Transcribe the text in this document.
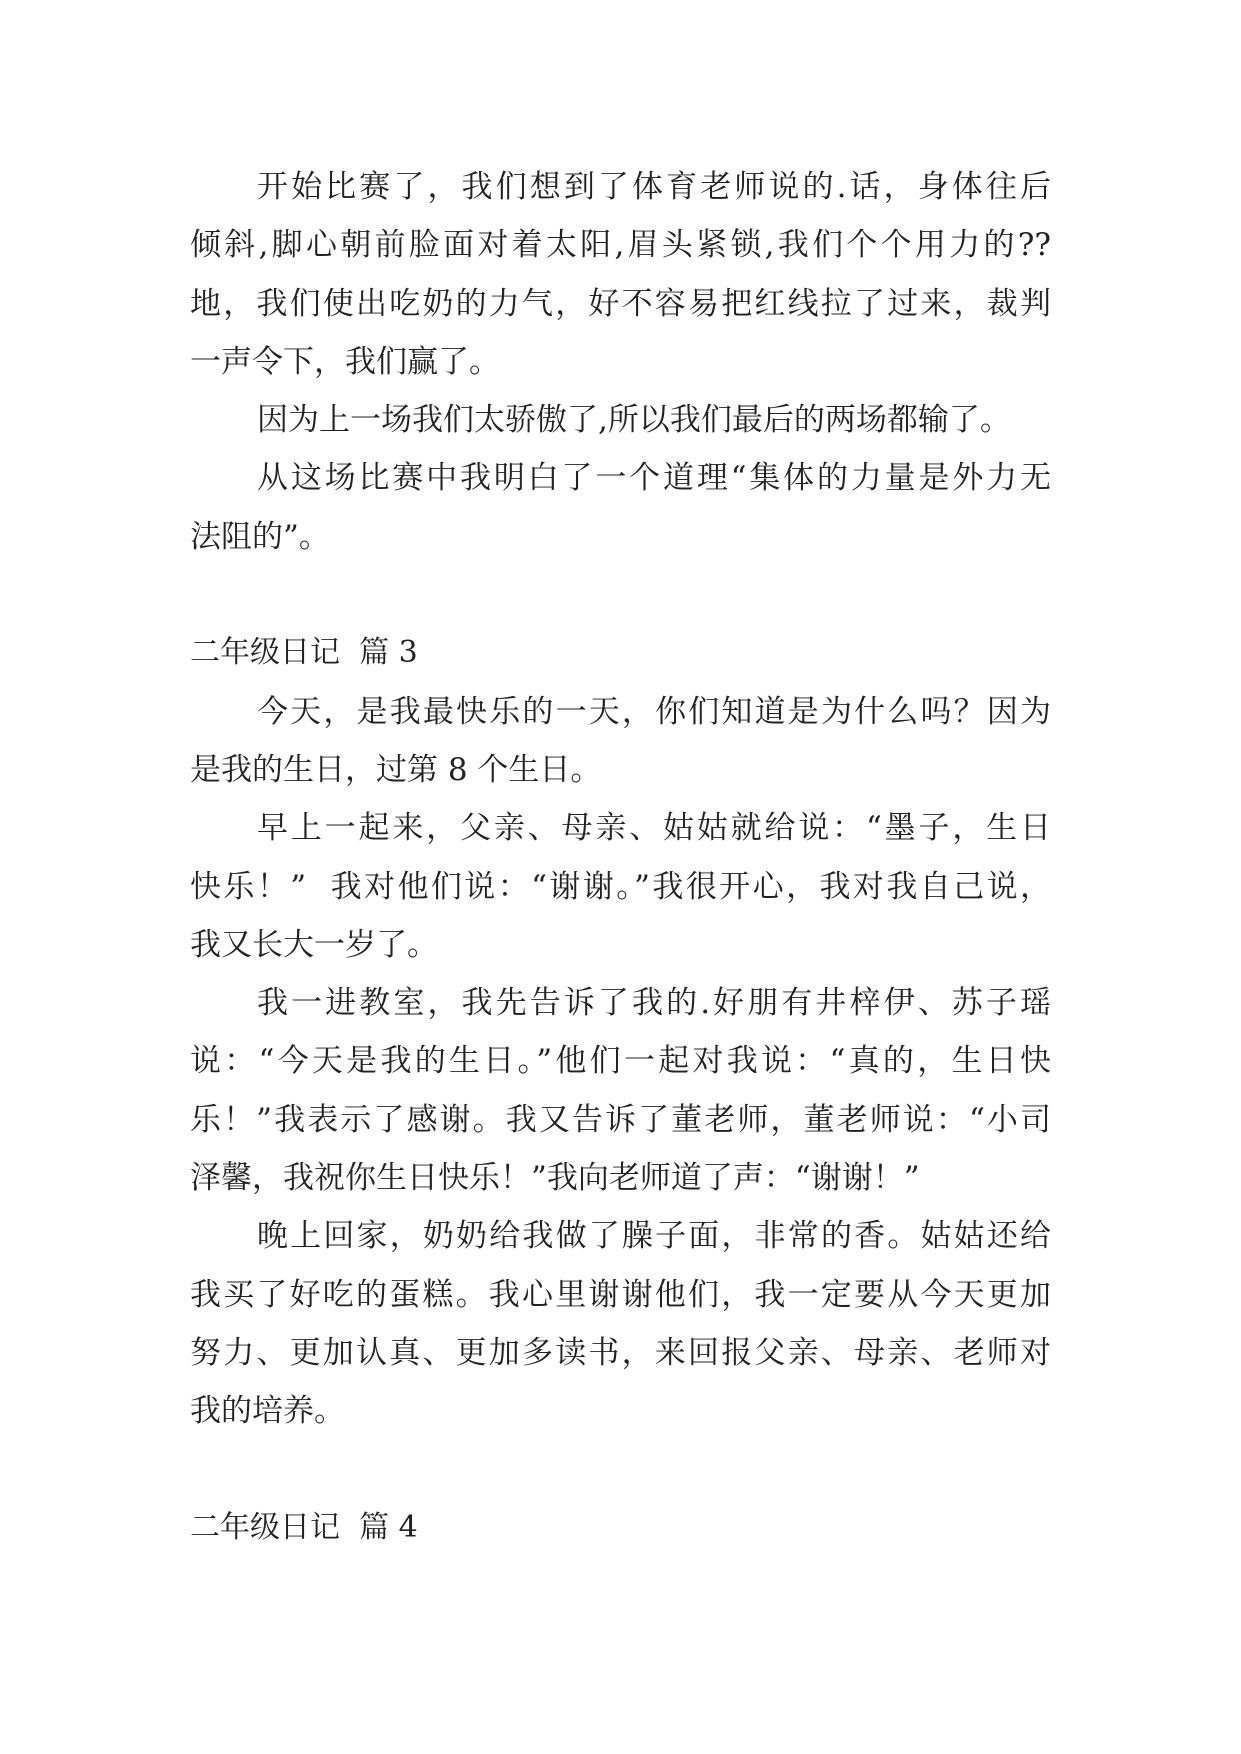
开始比赛了，我们想到了体育老师说的.话，身体往后
倾斜,脚心朝前脸面对着太阳,眉头紧锁,我们个个用力的??
地，我们使出吃奶的力气，好不容易把红线拉了过来，裁判
一声令下，我们赢了。
因为上一场我们太骄傲了,所以我们最后的两场都输了。
从这场比赛中我明白了一个道理“集体的力量是外力无
法阻的”。
二年级日记  篇 3
今天，是我最快乐的一天，你们知道是为什么吗？因为
是我的生日，过第 8 个生日。
早上一起来，父亲、母亲、姑姑就给说：“墨子，生日
快乐！”  我对他们说：“谢谢。”我很开心，我对我自己说，
我又长大一岁了。
我一进教室，我先告诉了我的.好朋有井梓伊、苏子瑶
说：“今天是我的生日。”他们一起对我说：“真的，生日快
乐！”我表示了感谢。我又告诉了董老师，董老师说：“小司
泽馨，我祝你生日快乐！”我向老师道了声：“谢谢！”
晚上回家，奶奶给我做了臊子面，非常的香。姑姑还给
我买了好吃的蛋糕。我心里谢谢他们，我一定要从今天更加
努力、更加认真、更加多读书，来回报父亲、母亲、老师对
我的培养。
二年级日记  篇 4
